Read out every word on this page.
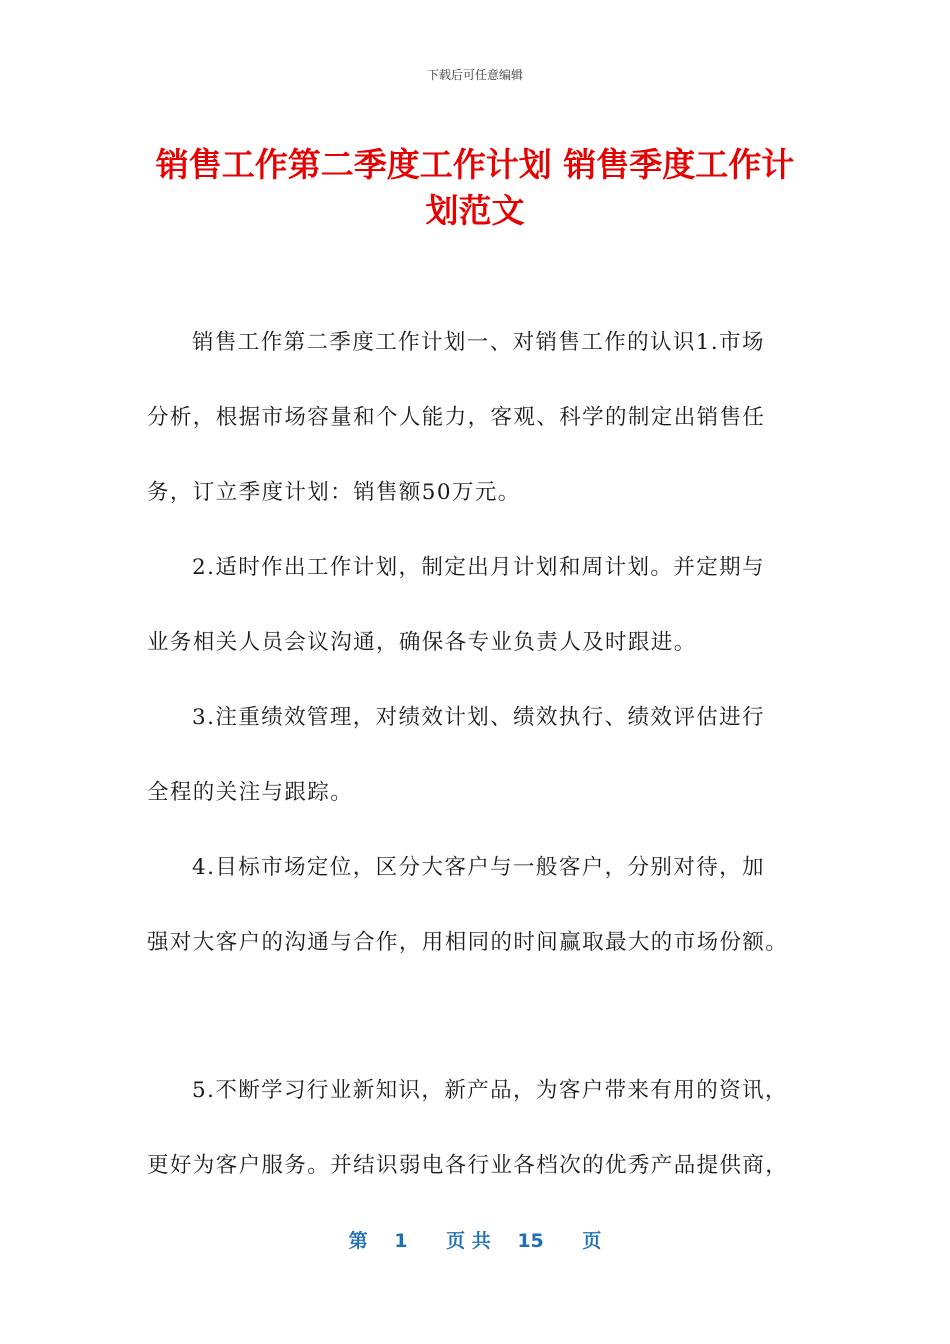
下载后可任意编辑
销售工作第二季度工作计划 销售季度工作计
划范文
销售工作第二季度工作计划一、对销售工作的认识1.市场
分析，根据市场容量和个人能力，客观、科学的制定出销售任
务，订立季度计划：销售额50万元。
2.适时作出工作计划，制定出月计划和周计划。并定期与
业务相关人员会议沟通，确保各专业负责人及时跟进。
3.注重绩效管理，对绩效计划、绩效执行、绩效评估进行
全程的关注与跟踪。
4.目标市场定位，区分大客户与一般客户，分别对待，加
强对大客户的沟通与合作，用相同的时间赢取最大的市场份额。
5.不断学习行业新知识，新产品，为客户带来有用的资讯，
更好为客户服务。并结识弱电各行业各档次的优秀产品提供商，
第 1 页 共 15 页
